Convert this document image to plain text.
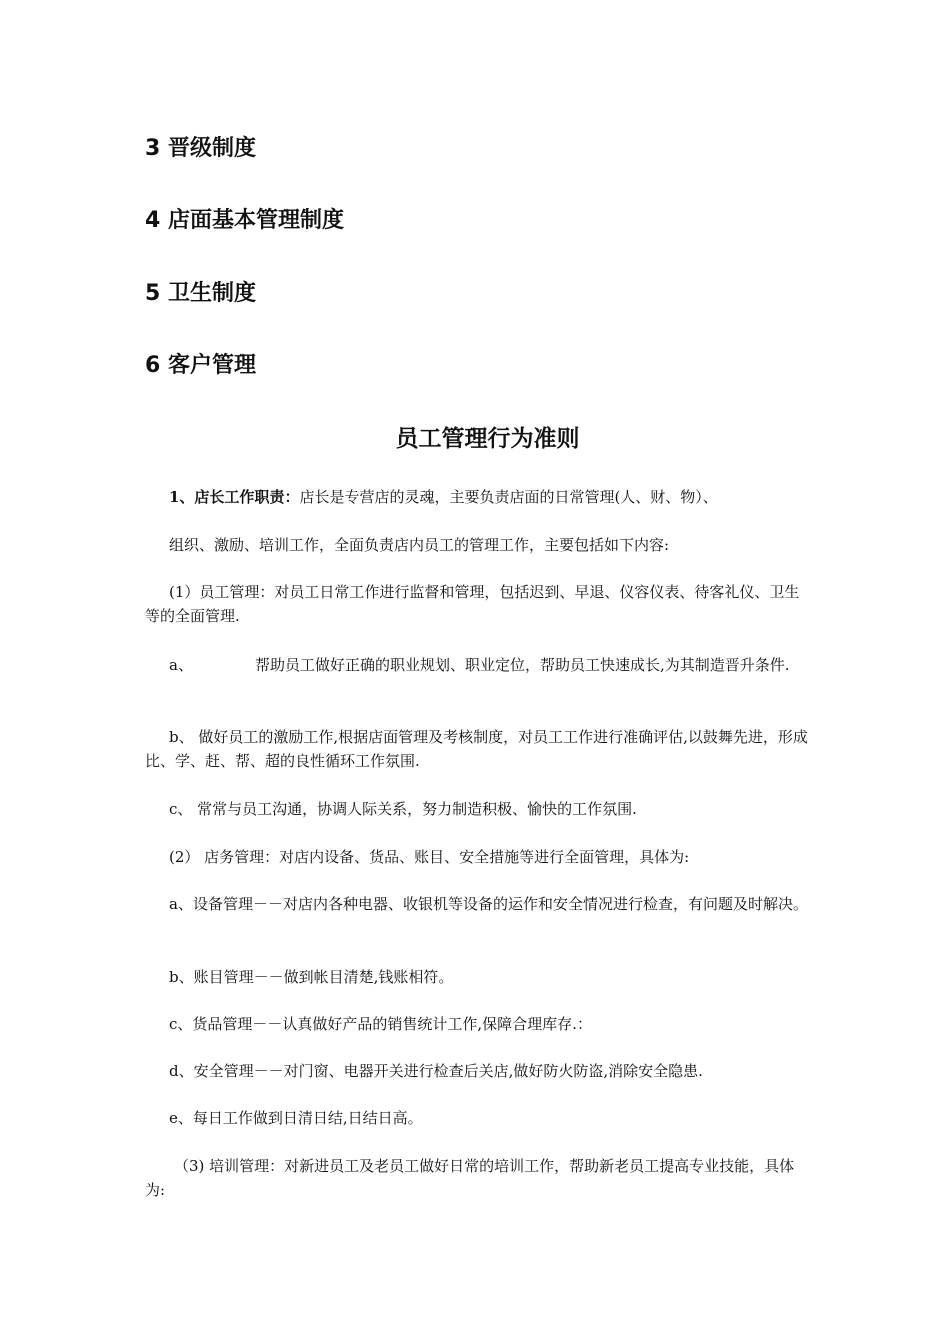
3 晋级制度
4 店面基本管理制度
5 卫生制度
6 客户管理
员工管理行为准则
1、店长工作职责：店长是专营店的灵魂，主要负责店面的日常管理(人、财、物）、
组织、激励、培训工作，全面负责店内员工的管理工作，主要包括如下内容:
(1）员工管理：对员工日常工作进行监督和管理，包括迟到、早退、仪容仪表、待客礼仪、卫生等的全面管理.
a、	帮助员工做好正确的职业规划、职业定位，帮助员工快速成长,为其制造晋升条件.
b、 做好员工的激励工作,根据店面管理及考核制度，对员工工作进行准确评估,以鼓舞先进，形成比、学、赶、帮、超的良性循环工作氛围.
c、 常常与员工沟通，协调人际关系，努力制造积极、愉快的工作氛围.
(2） 店务管理：对店内设备、货品、账目、安全措施等进行全面管理，具体为:
a、设备管理－－对店内各种电器、收银机等设备的运作和安全情况进行检查，有问题及时解决。
b、账目管理－－做到帐目清楚,钱账相符。
c、货品管理－－认真做好产品的销售统计工作,保障合理库存.：
d、安全管理－－对门窗、电器开关进行检查后关店,做好防火防盗,消除安全隐患.
e、每日工作做到日清日结,日结日高。
（3) 培训管理：对新进员工及老员工做好日常的培训工作，帮助新老员工提高专业技能，具体为:
